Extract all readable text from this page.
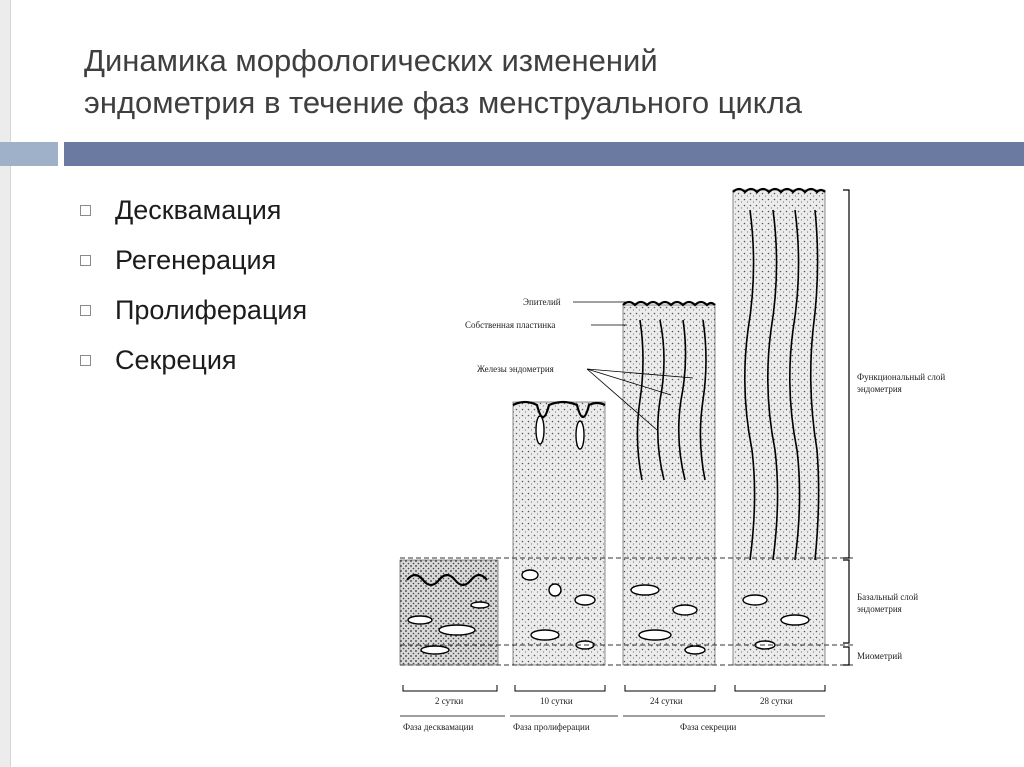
Динамика морфологических изменений
эндометрия в течение фаз менструального цикла
Десквамация
Регенерация
Пролиферация
Секреция
Функциональный слой
эндометрия
Базальный слой
эндометрия
Миометрий
Эпителий
Собственная пластинка
Железы эндометрия
2 сутки	10 сутки	24 сутки	28 сутки
Фаза десквамации	Фаза пролиферации	Фаза секреции
